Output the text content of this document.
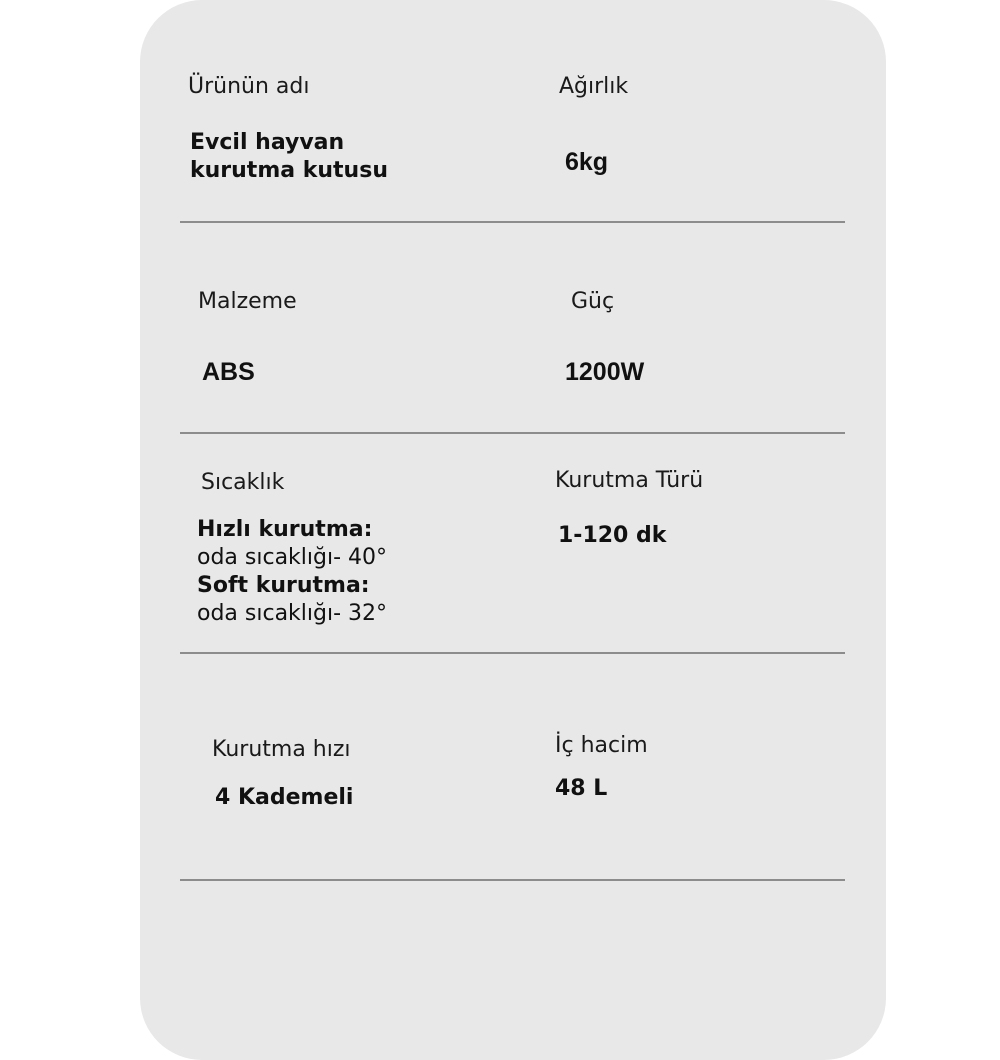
Ürünün adı
Evcil hayvan
kurutma kutusu
Ağırlık
6kg
Malzeme
ABS
Güç
1200W
Sıcaklık
Hızlı kurutma:
oda sıcaklığı- 40°
Soft kurutma:
oda sıcaklığı- 32°
Kurutma Türü
1-120 dk
Kurutma hızı
4 Kademeli
İç hacim
48 L
